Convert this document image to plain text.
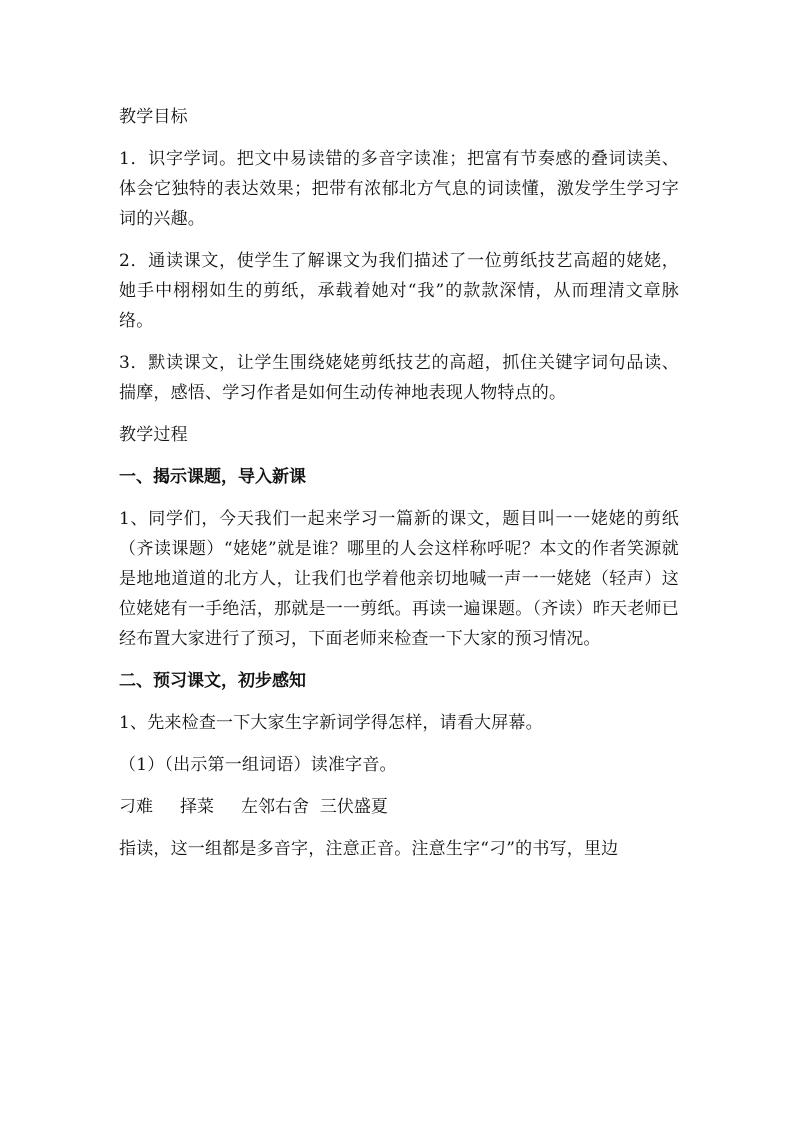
教学目标

1．识字学词。把文中易读错的多音字读准；把富有节奏感的叠词读美、体会它独特的表达效果；把带有浓郁北方气息的词读懂，激发学生学习字词的兴趣。

2．通读课文，使学生了解课文为我们描述了一位剪纸技艺高超的姥姥，她手中栩栩如生的剪纸，承载着她对“我”的款款深情，从而理清文章脉络。

3．默读课文，让学生围绕姥姥剪纸技艺的高超，抓住关键字词句品读、揣摩，感悟、学习作者是如何生动传神地表现人物特点的。

教学过程

一、揭示课题，导入新课

1、同学们，今天我们一起来学习一篇新的课文，题目叫一一姥姥的剪纸（齐读课题）“姥姥”就是谁？哪里的人会这样称呼呢？本文的作者笑源就是地地道道的北方人，让我们也学着他亲切地喊一声一一姥姥（轻声）这位姥姥有一手绝活，那就是一一剪纸。再读一遍课题。（齐读）昨天老师已经布置大家进行了预习，下面老师来检查一下大家的预习情况。

二、预习课文，初步感知

1、先来检查一下大家生字新词学得怎样，请看大屏幕。

（1）（出示第一组词语）读准字音。

刁难     择菜     左邻右舍  三伏盛夏

指读，这一组都是多音字，注意正音。注意生字“刁”的书写，里边
